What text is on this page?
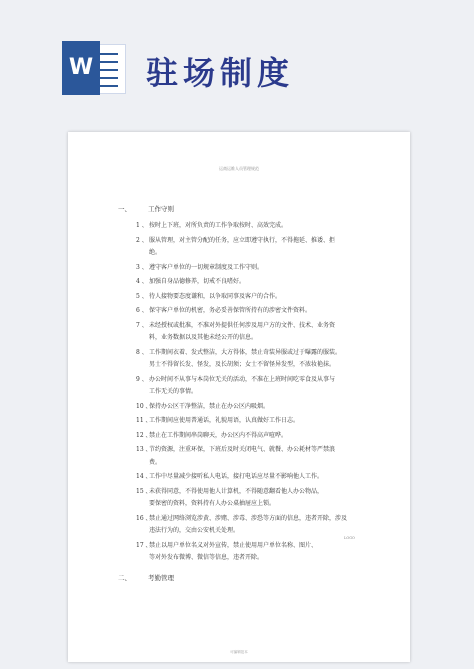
W 驻场制度
运商运维人员管理规范
一、	工作守则
1 、 按时上下班，对所负责的工作争取按时、高效完成。
2 、 服从管理，对主管分配的任务，应立即遵守执行，不得拖延、推诿、拒
绝。
3 、 遵守客户单位的一切规章制度及工作守则。
4 、 加强自身品德修养，切戒不良嗜好。
5 、 待人接物要态度谦和，以争取同事及客户的合作。
6 、 保守客户单位的机密，务必妥善保管所持有的涉密文件资料。
7 、 未经授权或批准，不准对外提供任何涉及用户方的文件、技术、业务资
料，业务数据以及其他未经公开的信息。
8 、 工作期间衣着、发式整洁，大方得体，禁止奇装异服或过于曝露的服装。
男士不得留长发、怪发，及长胡须；女士不留怪异发型，不浓妆艳抹。
9 、 办公时间不从事与本岗位无关的活动，不准在上班时间吃零食及从事与
工作无关的事情。
10 、
保持办公区干净整洁，禁止在办公区内吸烟。
11 、
工作期间应使用普通话，礼貌用语，认真做好工作日志。
12 、
禁止在工作期间串岗聊天，办公区内不得高声喧哗。
13 、
节约资源，注重环保，下班后及时关闭电气、就餐、办公耗材等严禁浪
费。
14 、
工作中尽量减少接听私人电话，接打电话应尽量不影响他人工作。
15 、
未获得同意，不得使用他人计算机，不得随意翻看他人办公物品，
要保密的资料，资料持有人办公桌抽屉应上锁。
16 、
禁止通过网络浏览涉黄、涉赌、涉毒、涉恐等方面的信息，违者开除，涉及
违法行为的，交由公安机关处理。
17 、
禁止以用户单位名义对外宣传，禁止使用用户单位名称、图片、
等对外发布微博、微信等信息，违者开除。
二、	考勤管理
LOGO
可编辑范本
